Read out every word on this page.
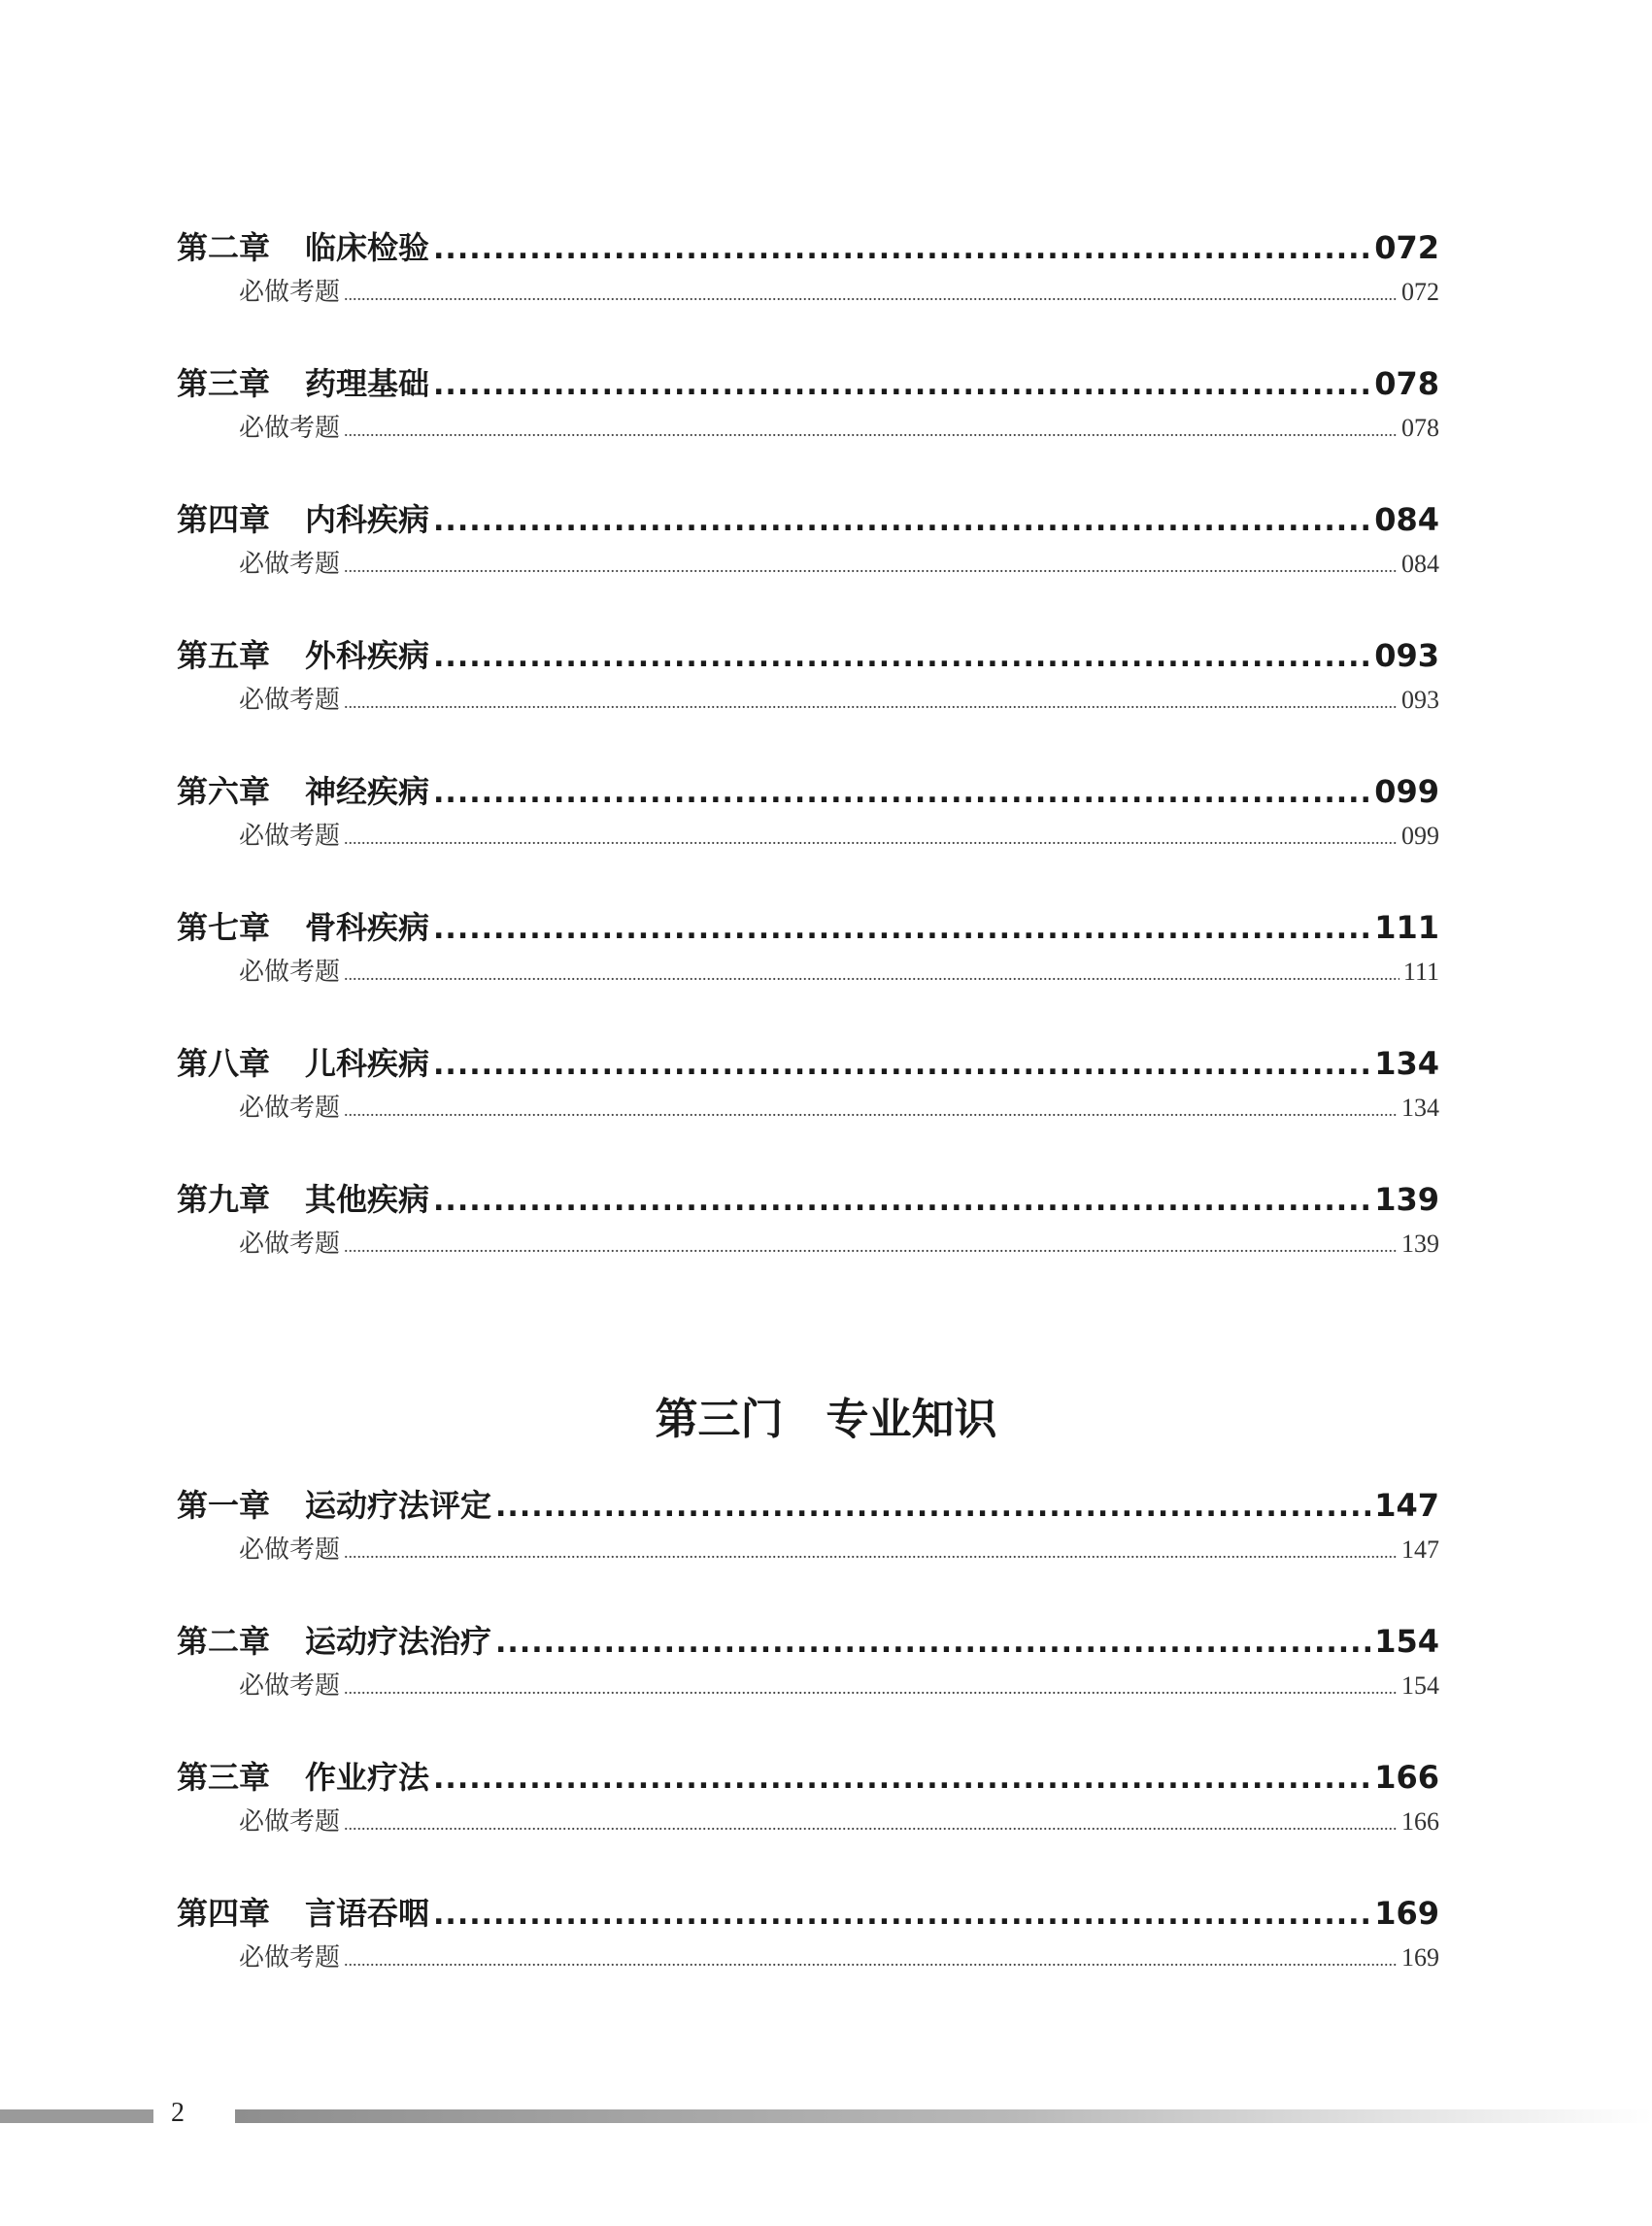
第二章 临床检验 .....	072
必做考题 .....	072
第三章 药理基础 .....	078
必做考题 .....	078
第四章 内科疾病 .....	084
必做考题 .....	084
第五章 外科疾病 .....	093
必做考题 .....	093
第六章 神经疾病 .....	099
必做考题 .....	099
第七章 骨科疾病 .....	111
必做考题 .....	111
第八章 儿科疾病 .....	134
必做考题 .....	134
第九章 其他疾病 .....	139
必做考题 .....	139
第三门　专业知识
第一章 运动疗法评定 .....	147
必做考题 .....	147
第二章 运动疗法治疗 .....	154
必做考题 .....	154
第三章 作业疗法 .....	166
必做考题 .....	166
第四章 言语吞咽 .....	169
必做考题 .....	169
2
